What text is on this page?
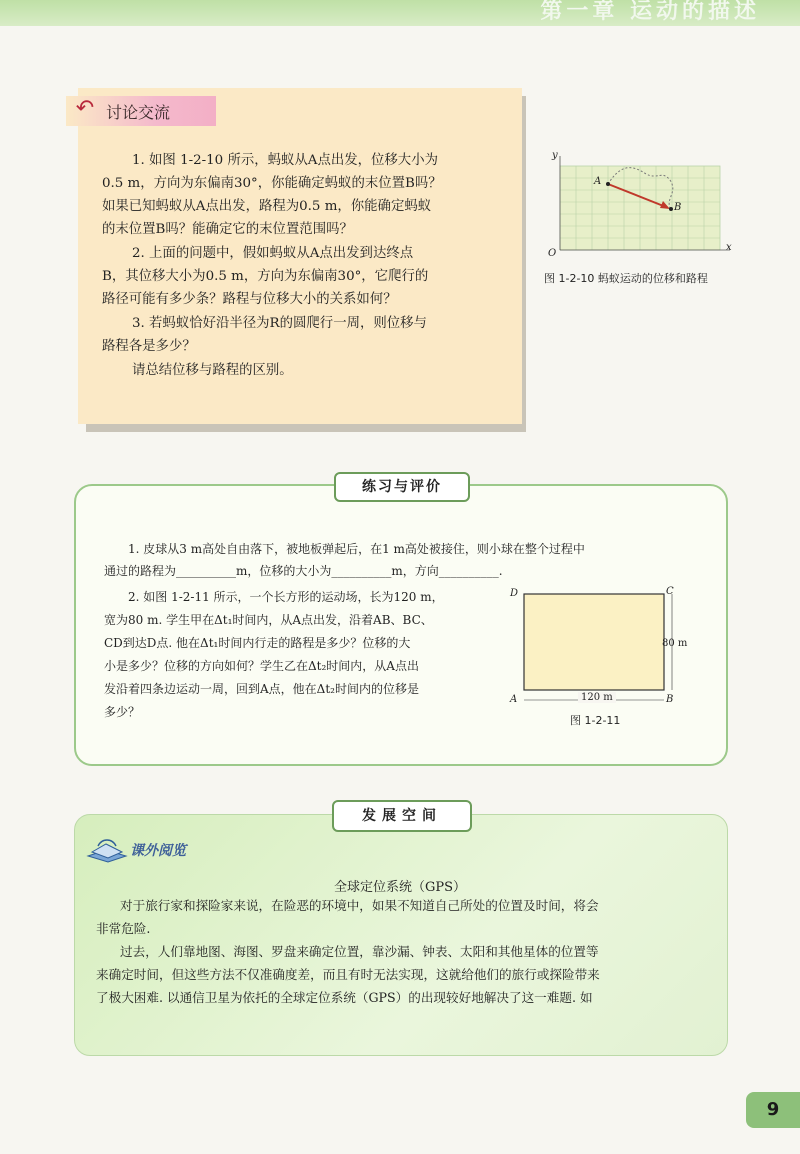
第一章 运动的描述
↶ 讨论交流
1. 如图 1-2-10 所示，蚂蚁从A点出发，位移大小为
0.5 m，方向为东偏南30°，你能确定蚂蚁的末位置B吗？
如果已知蚂蚁从A点出发，路程为0.5 m，你能确定蚂蚁
的末位置B吗？能确定它的末位置范围吗？
2. 上面的问题中，假如蚂蚁从A点出发到达终点
B，其位移大小为0.5 m，方向为东偏南30°，它爬行的
路径可能有多少条？路程与位移大小的关系如何？
3. 若蚂蚁恰好沿半径为R的圆爬行一周，则位移与
路程各是多少？
请总结位移与路程的区别。
y
x
O
A
B
图 1-2-10 蚂蚁运动的位移和路程
练习与评价
1. 皮球从3 m高处自由落下，被地板弹起后，在1 m高处被接住，则小球在整个过程中
通过的路程为__________m，位移的大小为__________m，方向__________.
2. 如图 1-2-11 所示，一个长方形的运动场，长为120 m，
宽为80 m. 学生甲在Δt₁时间内，从A点出发，沿着AB、BC、
CD到达D点. 他在Δt₁时间内行走的路程是多少？位移的大
小是多少？位移的方向如何？学生乙在Δt₂时间内，从A点出
发沿着四条边运动一周，回到A点，他在Δt₂时间内的位移是
多少？
D	C
A	B
80 m
120 m
图 1-2-11
发展空间
课外阅览
全球定位系统（GPS）
对于旅行家和探险家来说，在险恶的环境中，如果不知道自己所处的位置及时间，将会
非常危险.
过去，人们靠地图、海图、罗盘来确定位置，靠沙漏、钟表、太阳和其他星体的位置等
来确定时间，但这些方法不仅准确度差，而且有时无法实现，这就给他们的旅行或探险带来
了极大困难. 以通信卫星为依托的全球定位系统（GPS）的出现较好地解决了这一难题. 如
9
